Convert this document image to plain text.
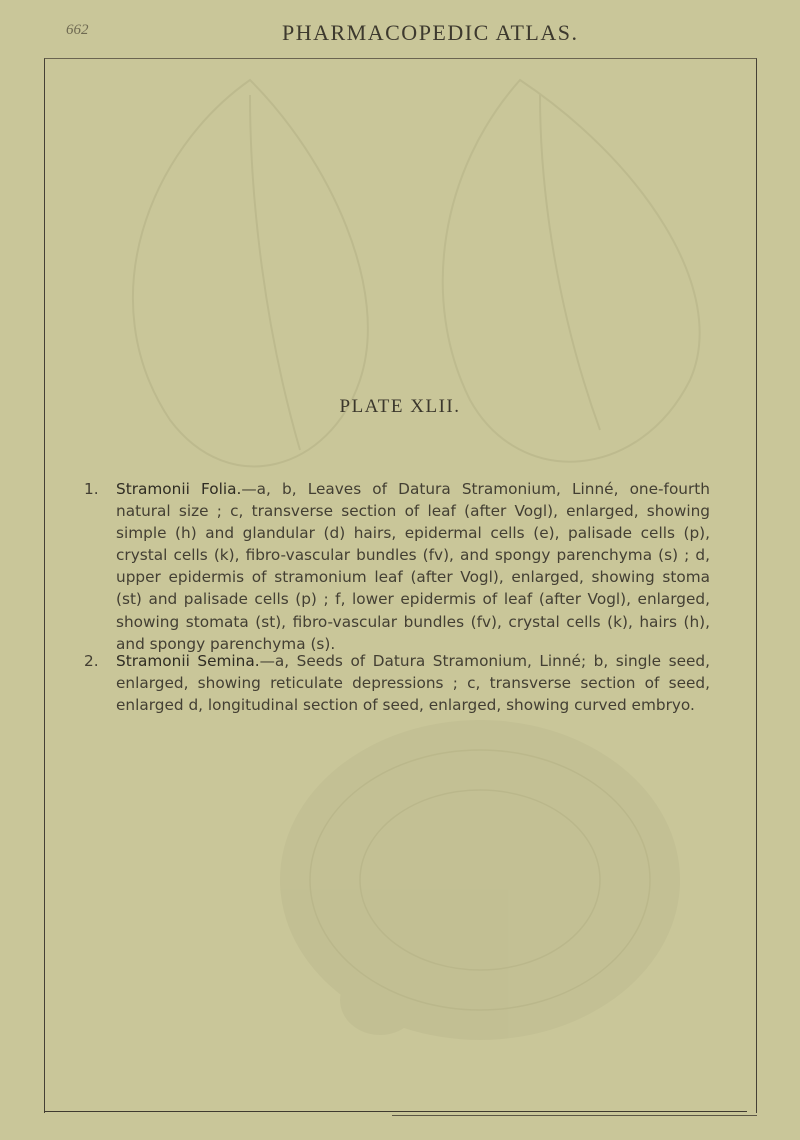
662	PHARMACOPEDIC ATLAS.
PLATE XLII.
1. Stramonii Folia.—a, b, Leaves of Datura Stramonium, Linné, one-fourth natural size ; c, transverse section of leaf (after Vogl), enlarged, showing simple (h) and glandular (d) hairs, epidermal cells (e), palisade cells (p), crystal cells (k), fibro-vascular bundles (fv), and spongy parenchyma (s) ; d, upper epidermis of stramonium leaf (after Vogl), enlarged, showing stoma (st) and palisade cells (p) ; f, lower epidermis of leaf (after Vogl), enlarged, showing stomata (st), fibro-vascular bundles (fv), crystal cells (k), hairs (h), and spongy parenchyma (s).
2. Stramonii Semina.—a, Seeds of Datura Stramonium, Linné; b, single seed, enlarged, showing reticulate depressions ; c, transverse section of seed, enlarged d, longitudinal section of seed, enlarged, showing curved embryo.
